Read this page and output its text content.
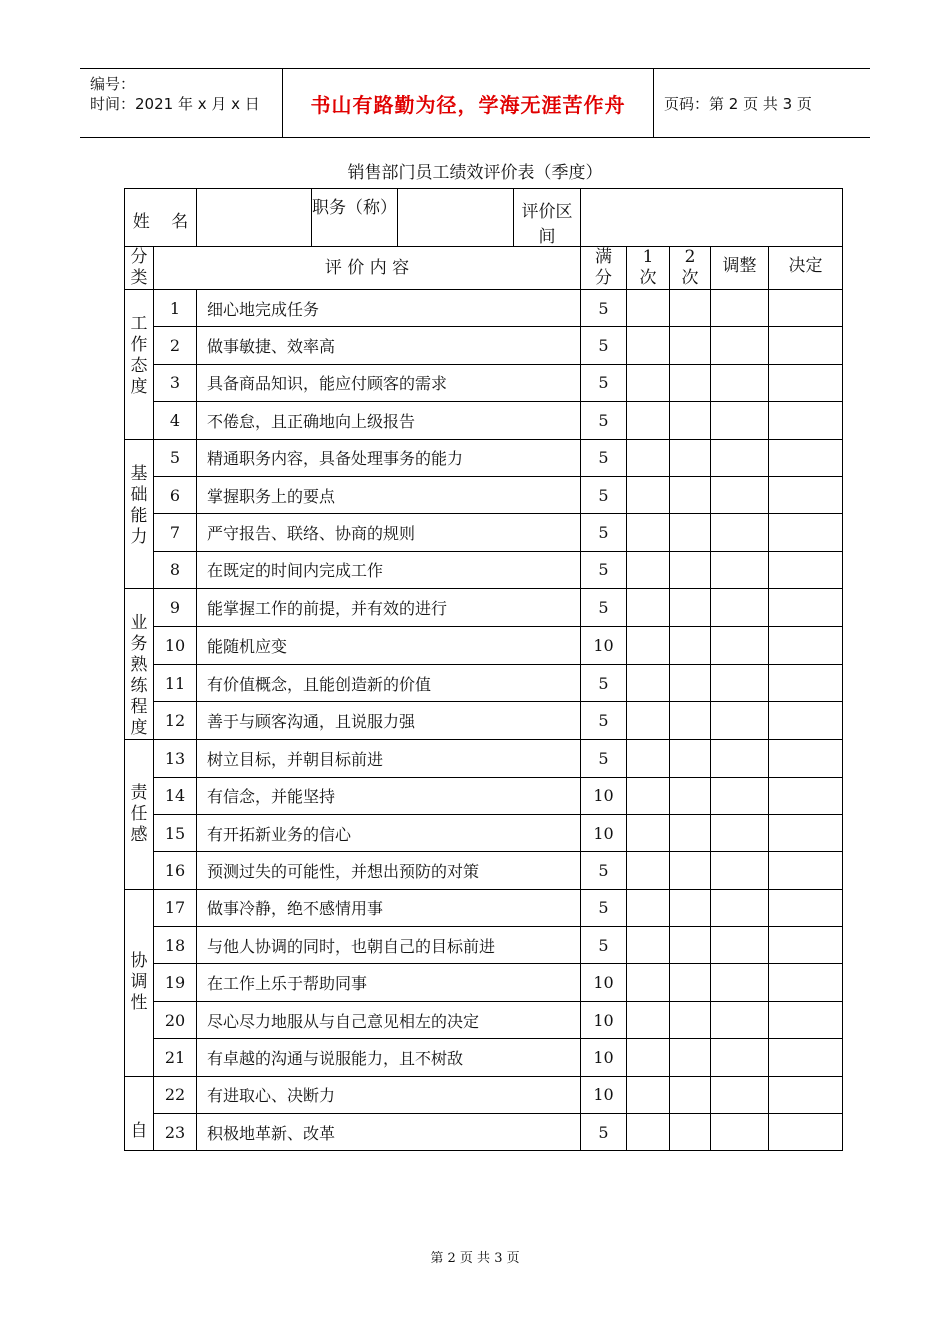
编号：
时间：2021 年 x 月 x 日	书山有路勤为径，学海无涯苦作舟	页码：第 2 页 共 3 页
销售部门员工绩效评价表（季度）
姓    名		职务（称） 评价区间					

分类	评 价 内 容		满分	1次	2次	调整	决定
工作态度	1	细心地完成任务	5				
	2	做事敏捷、效率高	5				
	3	具备商品知识，能应付顾客的需求	5				
	4	不倦怠，且正确地向上级报告	5				
基础能力	5	精通职务内容，具备处理事务的能力	5				
	6	掌握职务上的要点	5				
	7	严守报告、联络、协商的规则	5				
	8	在既定的时间内完成工作	5				
业务熟练程度	9	能掌握工作的前提，并有效的进行	5				
	10	能随机应变	10				
	11	有价值概念，且能创造新的价值	5				
	12	善于与顾客沟通，且说服力强	5				
责任感	13	树立目标，并朝目标前进	5				
	14	有信念，并能坚持	10				
	15	有开拓新业务的信心	10				
	16	预测过失的可能性，并想出预防的对策	5				
协调性	17	做事冷静，绝不感情用事	5				
	18	与他人协调的同时，也朝自己的目标前进	5				
	19	在工作上乐于帮助同事	10				
	20	尽心尽力地服从与自己意见相左的决定	10				
	21	有卓越的沟通与说服能力，且不树敌	10				
自	22	有进取心、决断力	10				
	23	积极地革新、改革	5				
第 2 页 共 3 页
